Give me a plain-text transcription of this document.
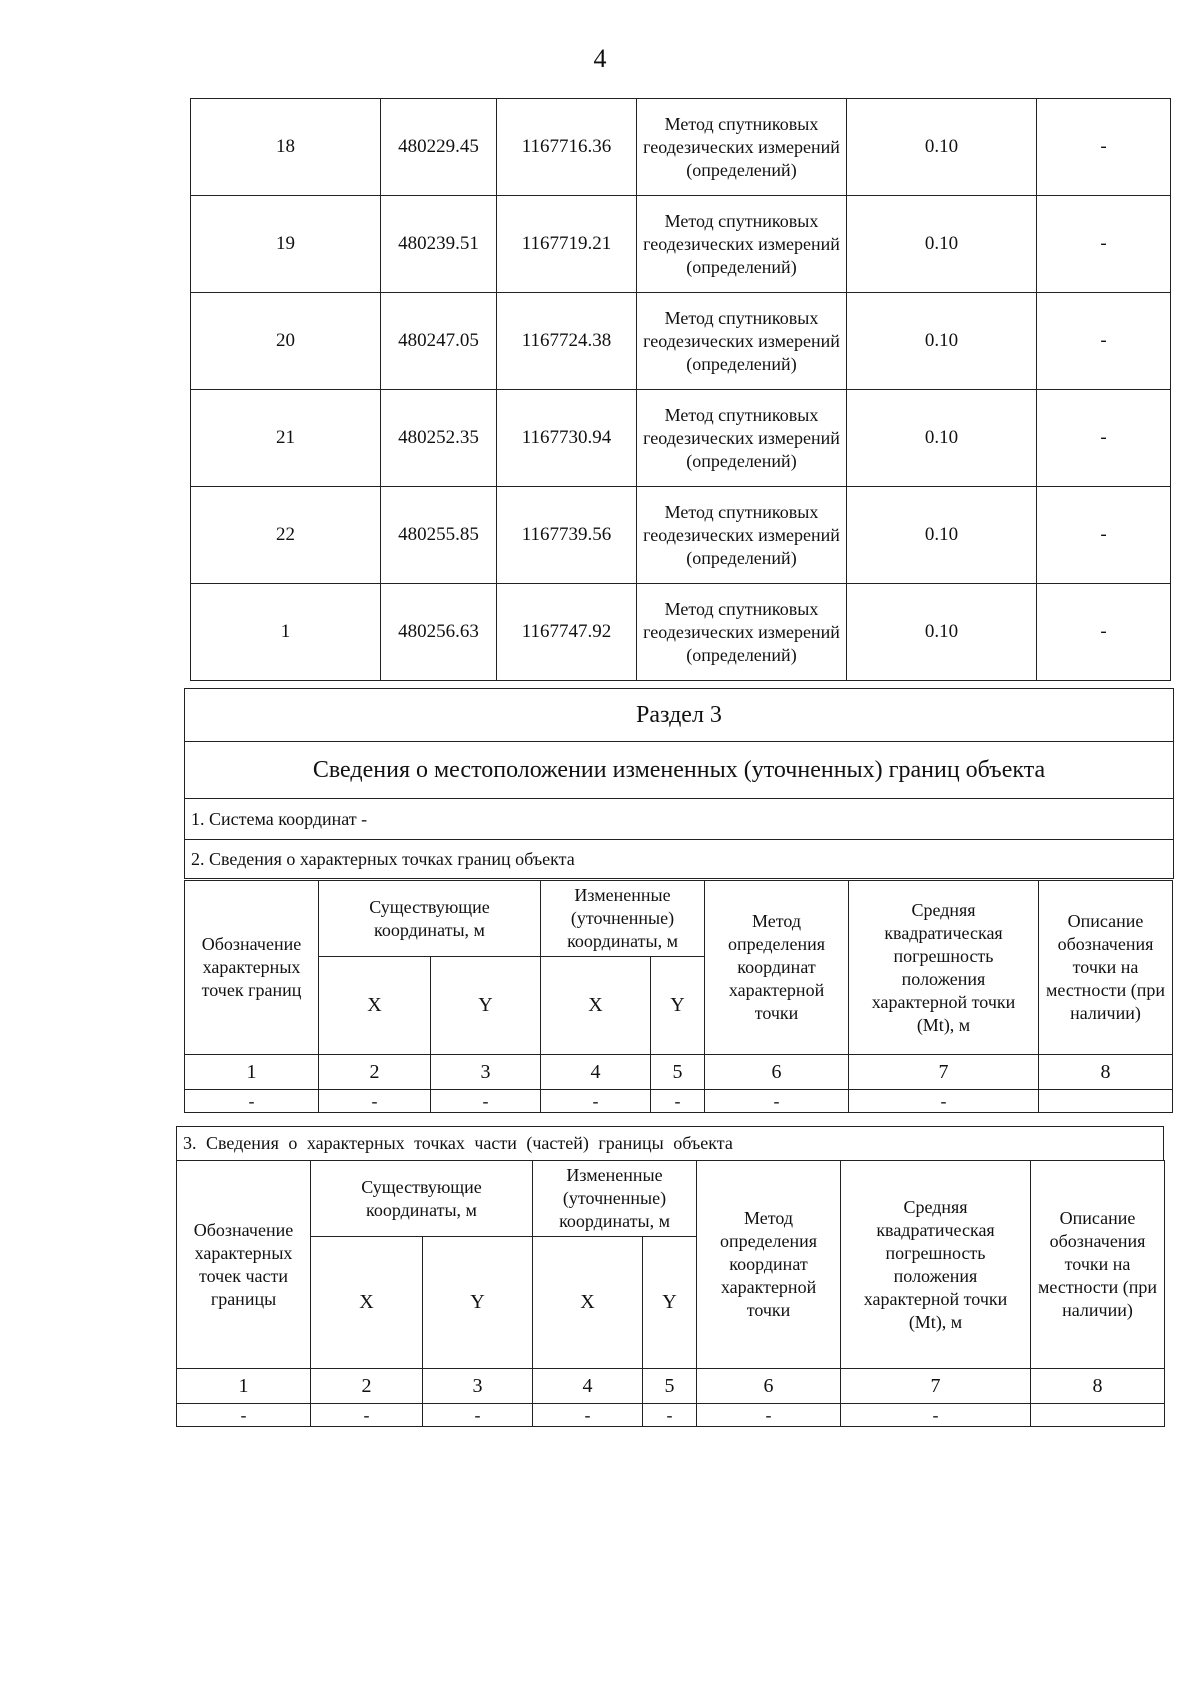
4
18	480229.45	1167716.36	Метод спутниковых геодезических измерений (определений)	0.10	-
19	480239.51	1167719.21	Метод спутниковых геодезических измерений (определений)	0.10	-
20	480247.05	1167724.38	Метод спутниковых геодезических измерений (определений)	0.10	-
21	480252.35	1167730.94	Метод спутниковых геодезических измерений (определений)	0.10	-
22	480255.85	1167739.56	Метод спутниковых геодезических измерений (определений)	0.10	-
1	480256.63	1167747.92	Метод спутниковых геодезических измерений (определений)	0.10	-
Раздел 3
Сведения о местоположении измененных (уточненных) границ объекта
1. Система координат -
2. Сведения о характерных точках границ объекта
Обозначение характерных точек границ	Существующие координаты, м		Измененные (уточненные) координаты, м		Метод определения координат характерной точки	Средняя квадратическая погрешность положения характерной точки (Mt), м	Описание обозначения точки на местности (при наличии)
	X	Y	X	Y			
1	2	3	4	5	6	7	8
-	-	-	-	-	-	-	
3. Сведения о характерных точках части (частей) границы объекта
Обозначение характерных точек части границы	Существующие координаты, м		Измененные (уточненные) координаты, м		Метод определения координат характерной точки	Средняя квадратическая погрешность положения характерной точки (Mt), м	Описание обозначения точки на местности (при наличии)
	X	Y	X	Y			
1	2	3	4	5	6	7	8
-	-	-	-	-	-	-	
